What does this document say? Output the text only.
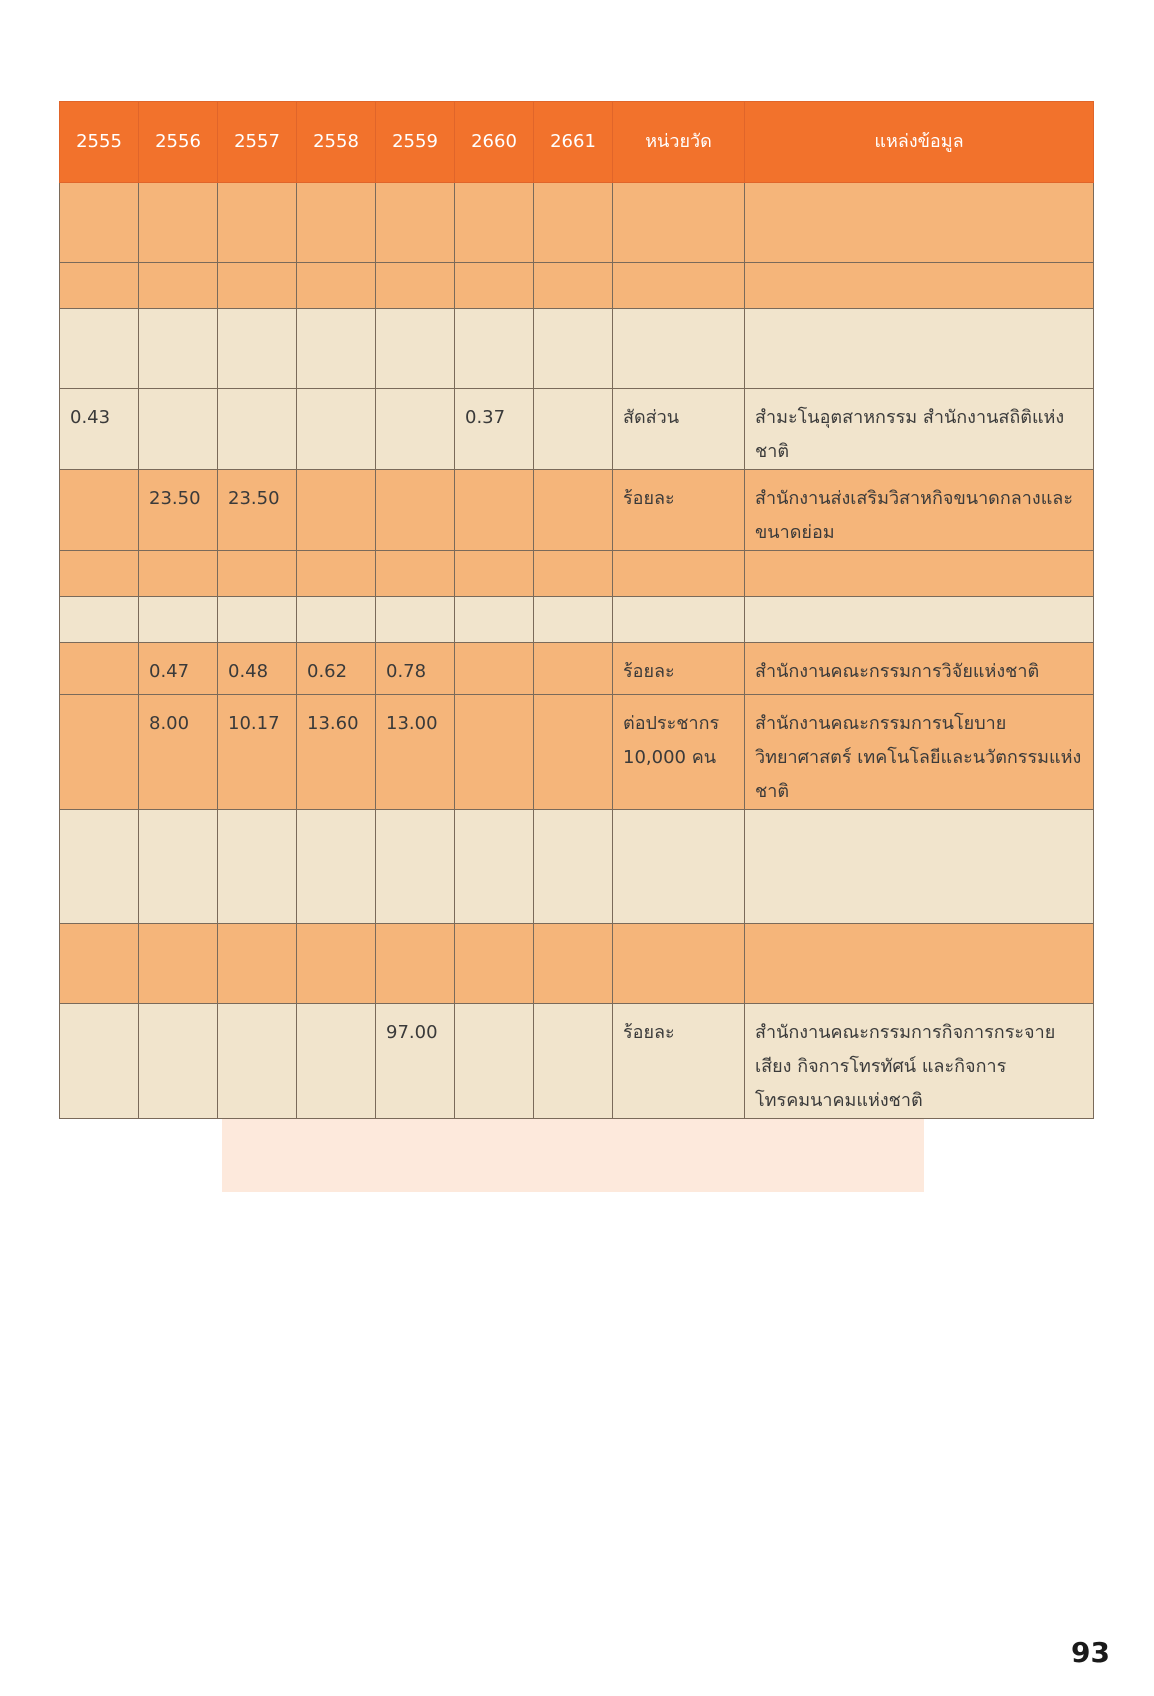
2555	2556	2557	2558	2559	2660	2661	หน่วยวัด	แหล่งข้อมูล

0.43					0.37		สัดส่วน	สำมะโนอุตสาหกรรม สำนักงานสถิติแห่งชาติ

	23.50	23.50					ร้อยละ	สำนักงานส่งเสริมวิสาหกิจขนาดกลางและขนาดย่อม

	0.47	0.48	0.62	0.78			ร้อยละ	สำนักงานคณะกรรมการวิจัยแห่งชาติ

	8.00	10.17	13.60	13.00			ต่อประชากร 10,000 คน	สำนักงานคณะกรรมการนโยบายวิทยาศาสตร์ เทคโนโลยีและนวัตกรรมแห่งชาติ

				97.00			ร้อยละ	สำนักงานคณะกรรมการกิจการกระจายเสียง กิจการโทรทัศน์ และกิจการโทรคมนาคมแห่งชาติ
93
